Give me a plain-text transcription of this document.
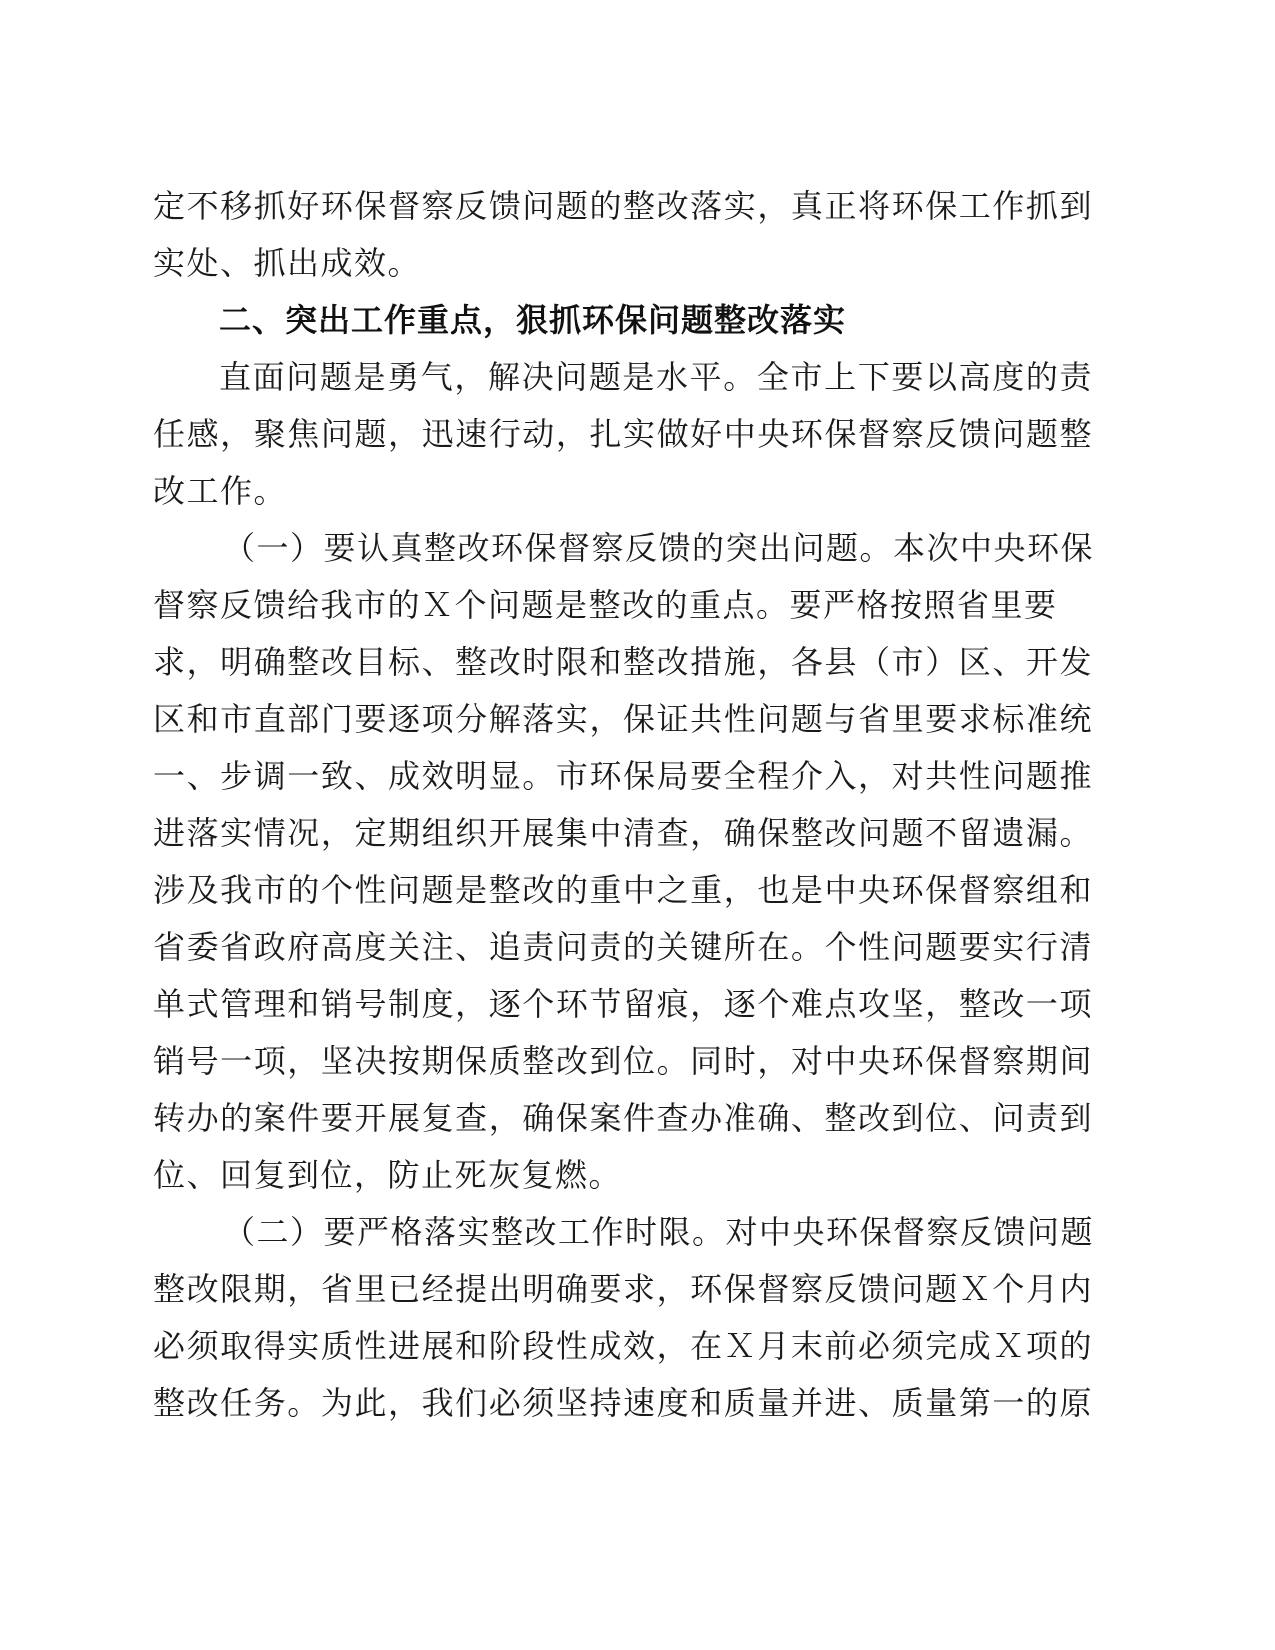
定不移抓好环保督察反馈问题的整改落实，真正将环保工作抓到
实处、抓出成效。
二、突出工作重点，狠抓环保问题整改落实
直面问题是勇气，解决问题是水平。全市上下要以高度的责
任感，聚焦问题，迅速行动，扎实做好中央环保督察反馈问题整
改工作。
（一）要认真整改环保督察反馈的突出问题。本次中央环保
督察反馈给我市的Ｘ个问题是整改的重点。要严格按照省里要
求，明确整改目标、整改时限和整改措施，各县（市）区、开发
区和市直部门要逐项分解落实，保证共性问题与省里要求标准统
一、步调一致、成效明显。市环保局要全程介入，对共性问题推
进落实情况，定期组织开展集中清查，确保整改问题不留遗漏。
涉及我市的个性问题是整改的重中之重，也是中央环保督察组和
省委省政府高度关注、追责问责的关键所在。个性问题要实行清
单式管理和销号制度，逐个环节留痕，逐个难点攻坚，整改一项
销号一项，坚决按期保质整改到位。同时，对中央环保督察期间
转办的案件要开展复查，确保案件查办准确、整改到位、问责到
位、回复到位，防止死灰复燃。
（二）要严格落实整改工作时限。对中央环保督察反馈问题
整改限期，省里已经提出明确要求，环保督察反馈问题Ｘ个月内
必须取得实质性进展和阶段性成效，在Ｘ月末前必须完成Ｘ项的
整改任务。为此，我们必须坚持速度和质量并进、质量第一的原
